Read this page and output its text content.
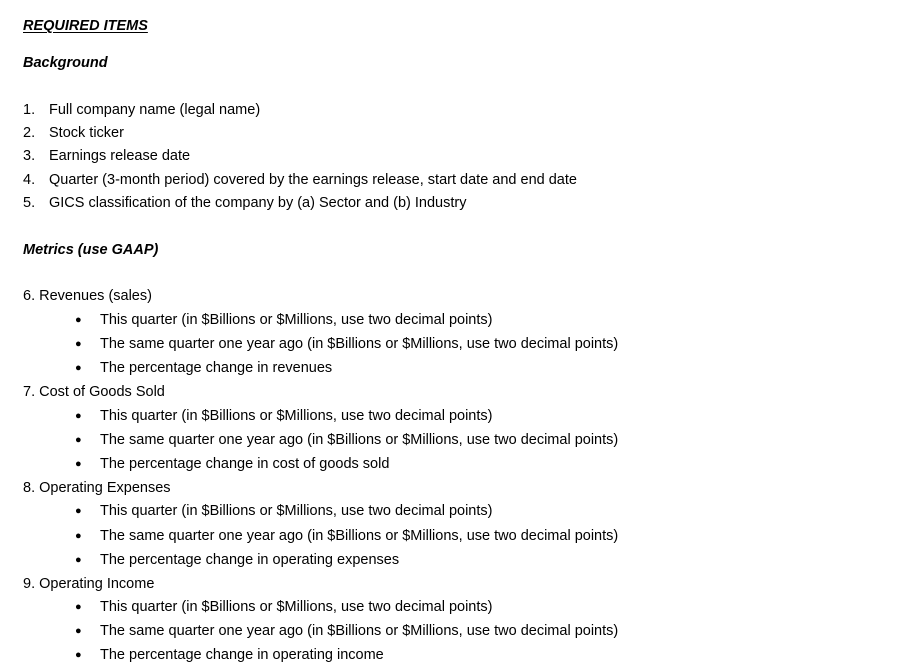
REQUIRED ITEMS
Background
1. Full company name (legal name)
2. Stock ticker
3. Earnings release date
4. Quarter (3-month period) covered by the earnings release, start date and end date
5. GICS classification of the company by (a) Sector and (b) Industry
Metrics (use GAAP)
6. Revenues (sales)
● This quarter (in $Billions or $Millions, use two decimal points)
● The same quarter one year ago (in $Billions or $Millions, use two decimal points)
● The percentage change in revenues
7. Cost of Goods Sold
● This quarter (in $Billions or $Millions, use two decimal points)
● The same quarter one year ago (in $Billions or $Millions, use two decimal points)
● The percentage change in cost of goods sold
8. Operating Expenses
● This quarter (in $Billions or $Millions, use two decimal points)
● The same quarter one year ago (in $Billions or $Millions, use two decimal points)
● The percentage change in operating expenses
9. Operating Income
● This quarter (in $Billions or $Millions, use two decimal points)
● The same quarter one year ago (in $Billions or $Millions, use two decimal points)
● The percentage change in operating income
